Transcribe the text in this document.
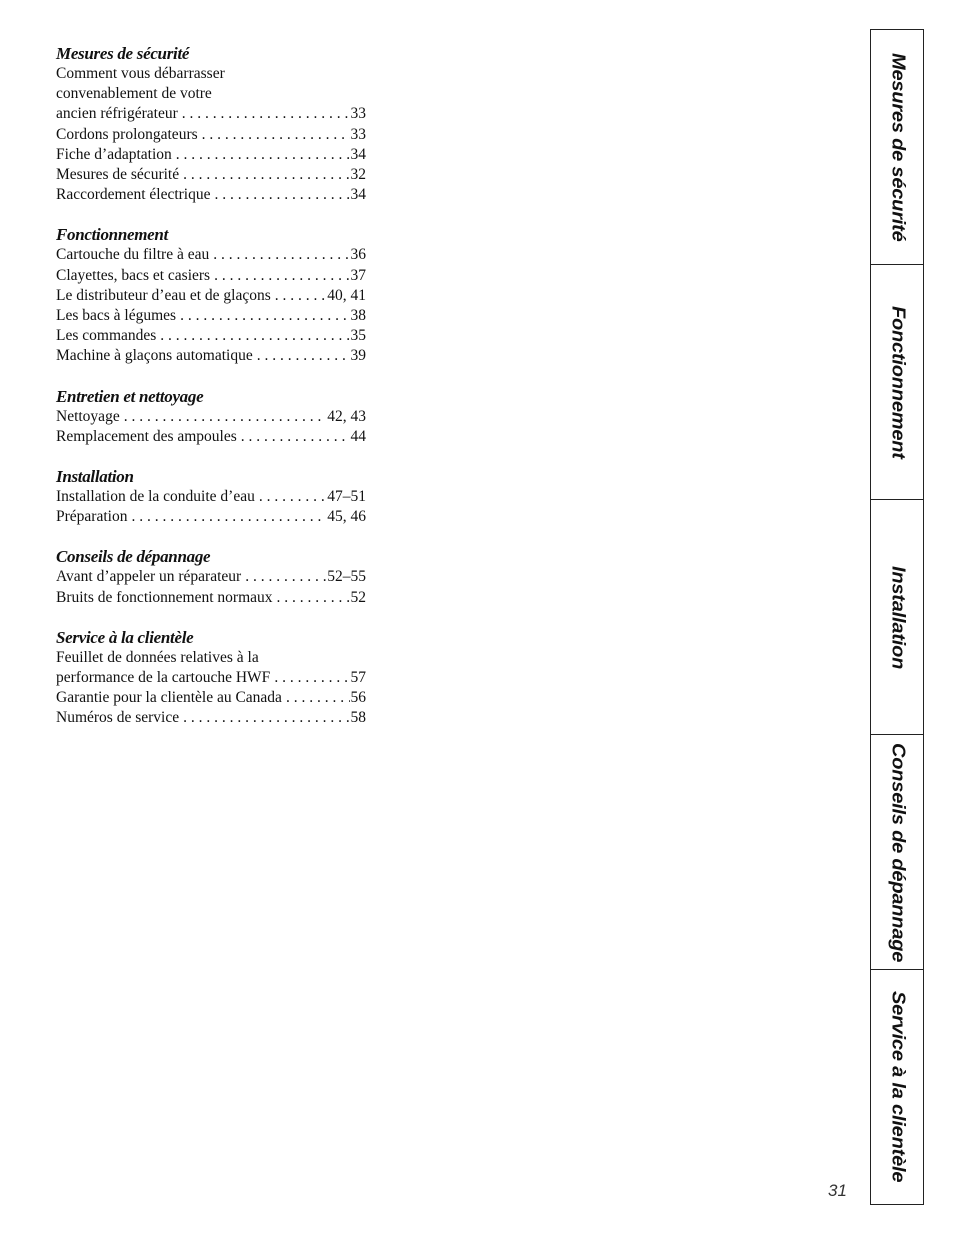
Mesures de sécurité
Comment vous débarrasser
convenablement de votre
ancien réfrigérateur . . .	33
Cordons prolongateurs . . .	33
Fiche d’adaptation . . .	34
Mesures de sécurité . . .	32
Raccordement électrique . . .	34
Fonctionnement
Cartouche du filtre à eau . . .	36
Clayettes, bacs et casiers . . .	37
Le distributeur d’eau et de glaçons . . .	40, 41
Les bacs à légumes . . .	38
Les commandes . . .	35
Machine à glaçons automatique . . .	39
Entretien et nettoyage
Nettoyage . . .	42, 43
Remplacement des ampoules . . .	44
Installation
Installation de la conduite d’eau . . .	47–51
Préparation . . .	45, 46
Conseils de dépannage
Avant d’appeler un réparateur . . .	52–55
Bruits de fonctionnement normaux . . .	52
Service à la clientèle
Feuillet de données relatives à la
performance de la cartouche HWF . . .	57
Garantie pour la clientèle au Canada . . .	56
Numéros de service . . .	58
Mesures de sécurité
Fonctionnement
Installation
Conseils de dépannage
Service à la clientèle
31
